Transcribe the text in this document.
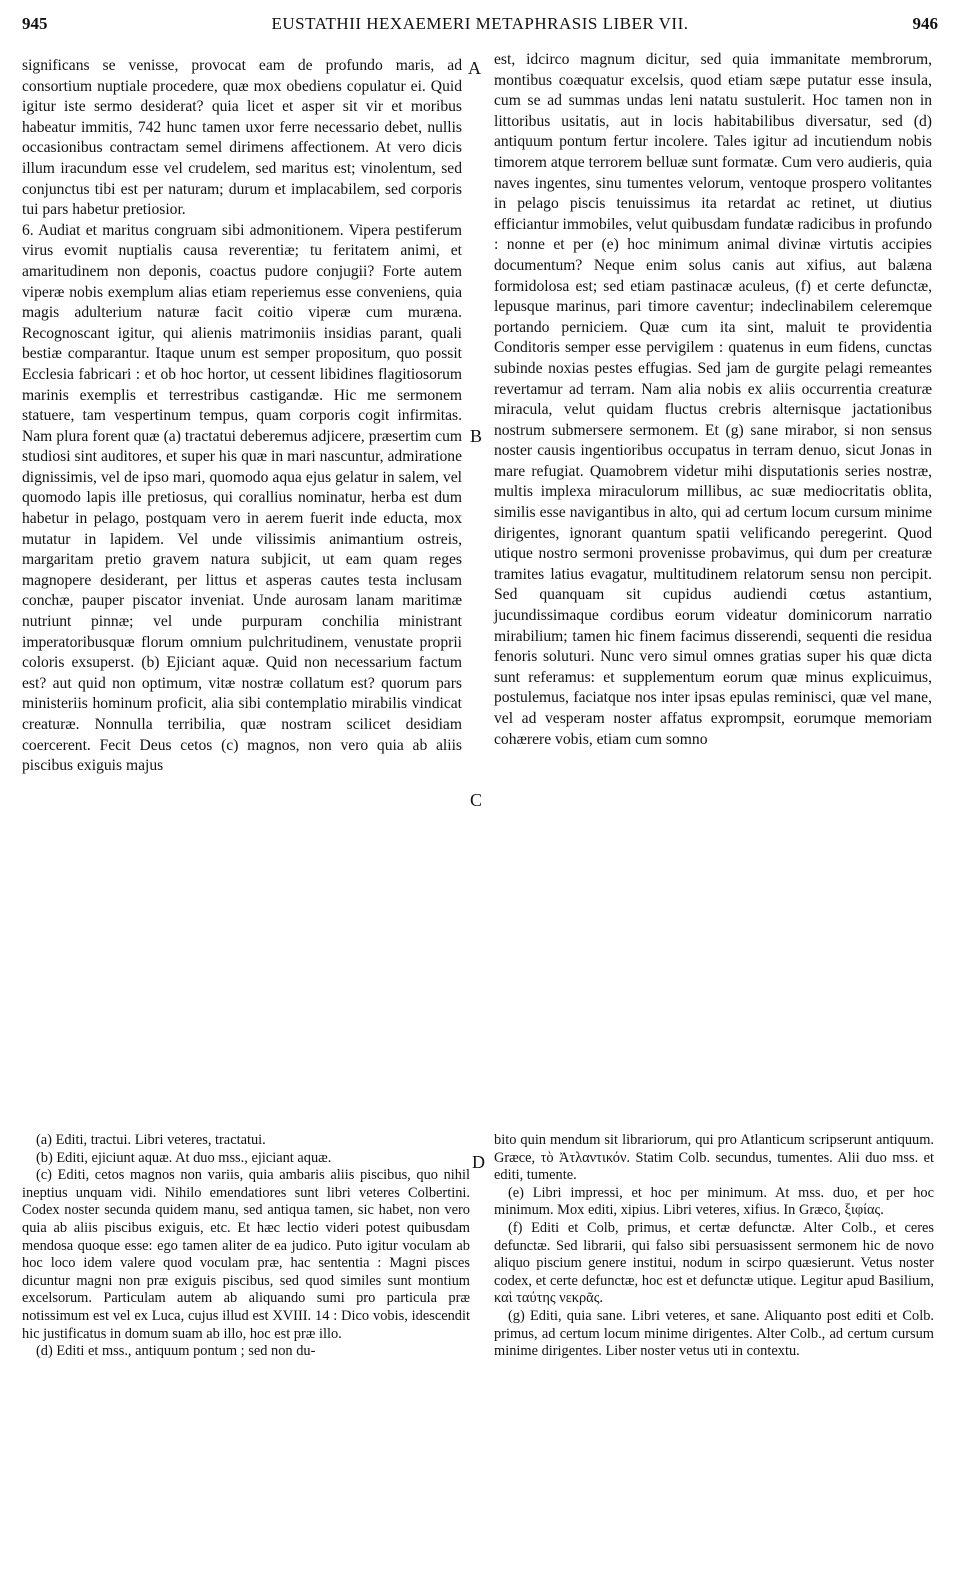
945	EUSTATHII HEXAEMERI METAPHRASIS LIBER VII.	946

significans se venisse, provocat eam de profundo maris, ad consortium nuptiale procedere, quæ mox obediens copulatur ei. Quid igitur iste sermo desiderat? quia licet et asper sit vir et moribus habeatur immitis, 742 hunc tamen uxor ferre necessario debet, nullis occasionibus contractam semel dirimens affectionem. At vero dicis illum iracundum esse vel crudelem, sed maritus est; vinolentum, sed conjunctus tibi est per naturam; durum et implacabilem, sed corporis tui pars habetur pretiosior.

6. Audiat et maritus congruam sibi admonitionem. Vipera pestiferum virus evomit nuptialis causa reverentiæ; tu feritatem animi, et amaritudinem non deponis, coactus pudore conjugii? Forte autem viperæ nobis exemplum alias etiam reperiemus esse conveniens, quia magis adulterium naturæ facit coitio viperæ cum muræna. Recognoscant igitur, qui alienis matrimoniis insidias parant, quali bestiæ comparantur. Itaque unum est semper propositum, quo possit Ecclesia fabricari : et ob hoc hortor, ut cessent libidines flagitiosorum marinis exemplis et terrestribus castigandæ. Hic me sermonem statuere, tam vespertinum tempus, quam corporis cogit infirmitas. Nam plura forent quæ (a) tractatui deberemus adjicere, præsertim cum studiosi sint auditores, et super his quæ in mari nascuntur, admiratione dignissimis, vel de ipso mari, quomodo aqua ejus gelatur in salem, vel quomodo lapis ille pretiosus, qui corallius nominatur, herba est dum habetur in pelago, postquam vero in aerem fuerit inde educta, mox mutatur in lapidem. Vel unde vilissimis animantium ostreis, margaritam pretio gravem natura subjicit, ut eam quam reges magnopere desiderant, per littus et asperas cautes testa inclusam conchæ, pauper piscator inveniat. Unde aurosam lanam maritimæ nutriunt pinnæ; vel unde purpuram conchilia ministrant imperatoribusquæ florum omnium pulchritudinem, venustate proprii coloris exsuperst. (b) Ejiciant aquæ. Quid non necessarium factum est? aut quid non optimum, vitæ nostræ collatum est? quorum pars ministeriis hominum proficit, alia sibi contemplatio mirabilis vindicat creaturæ. Nonnulla terribilia, quæ nostram scilicet desidiam coercerent. Fecit Deus cetos (c) magnos, non vero quia ab aliis piscibus exiguis majus

est, idcirco magnum dicitur, sed quia immanitate membrorum, montibus coæquatur excelsis, quod etiam sæpe putatur esse insula, cum se ad summas undas leni natatu sustulerit. Hoc tamen non in littoribus usitatis, aut in locis habitabilibus diversatur, sed (d) antiquum pontum fertur incolere. Tales igitur ad incutiendum nobis timorem atque terrorem belluæ sunt formatæ. Cum vero audieris, quia naves ingentes, sinu tumentes velorum, ventoque prospero volitantes in pelago piscis tenuissimus ita retardat ac retinet, ut diutius efficiantur immobiles, velut quibusdam fundatæ radicibus in profundo : nonne et per (e) hoc minimum animal divinæ virtutis accipies documentum? Neque enim solus canis aut xifius, aut balæna formidolosa est; sed etiam pastinacæ aculeus, (f) et certe defunctæ, lepusque marinus, pari timore caventur; indeclinabilem celeremque portando perniciem. Quæ cum ita sint, maluit te providentia Conditoris semper esse pervigilem : quatenus in eum fidens, cunctas subinde noxias pestes effugias. Sed jam de gurgite pelagi remeantes revertamur ad terram. Nam alia nobis ex aliis occurrentia creaturæ miracula, velut quidam fluctus crebris alternisque jactationibus nostrum submersere sermonem. Et (g) sane mirabor, si non sensus noster causis ingentioribus occupatus in terram denuo, sicut Jonas in mare refugiat. Quamobrem videtur mihi disputationis series nostræ, multis implexa miraculorum millibus, ac suæ mediocritatis oblita, similis esse navigantibus in alto, qui ad certum locum cursum minime dirigentes, ignorant quantum spatii velificando peregerint. Quod utique nostro sermoni provenisse probavimus, qui dum per creaturæ tramites latius evagatur, multitudinem relatorum sensu non percipit. Sed quanquam sit cupidus audiendi cœtus astantium, jucundissimaque cordibus eorum videatur dominicorum narratio mirabilium; tamen hic finem facimus disserendi, sequenti die residua fenoris soluturi. Nunc vero simul omnes gratias super his quæ dicta sunt referamus: et supplementum eorum quæ minus explicuimus, postulemus, faciatque nos inter ipsas epulas reminisci, quæ vel mane, vel ad vesperam noster affatus exprompsit, eorumque memoriam cohærere vobis, etiam cum somno

A
B
C
D

(a) Editi, tractui. Libri veteres, tractatui.

(b) Editi, ejiciunt aquæ. At duo mss., ejiciant aquæ.

(c) Editi, cetos magnos non variis, quia ambaris aliis piscibus, quo nihil ineptius unquam vidi. Nihilo emendatiores sunt libri veteres Colbertini. Codex noster secunda quidem manu, sed antiqua tamen, sic habet, non vero quia ab aliis piscibus exiguis, etc. Et hæc lectio videri potest quibusdam mendosa quoque esse: ego tamen aliter de ea judico. Puto igitur voculam ab hoc loco idem valere quod voculam præ, hac sententia : Magni pisces dicuntur magni non præ exiguis piscibus, sed quod similes sunt montium excelsorum. Particulam autem ab aliquando sumi pro particula præ notissimum est vel ex Luca, cujus illud est XVIII. 14 : Dico vobis, idescendit hic justificatus in domum suam ab illo, hoc est præ illo.

(d) Editi et mss., antiquum pontum ; sed non du-

bito quin mendum sit librariorum, qui pro Atlanticum scripserunt antiquum. Græce, τὸ Ἀτλαντικόν. Statim Colb. secundus, tumentes. Alii duo mss. et editi, tumente.

(e) Libri impressi, et hoc per minimum. At mss. duo, et per hoc minimum. Mox editi, xipius. Libri veteres, xifius. In Græco, ξιφίας.

(f) Editi et Colb, primus, et certæ defunctæ. Alter Colb., et ceres defunctæ. Sed librarii, qui falso sibi persuasissent sermonem hic de novo aliquo piscium genere institui, nodum in scirpo quæsierunt. Vetus noster codex, et certe defunctæ, hoc est et defunctæ utique. Legitur apud Basilium, καὶ ταύτης νεκρᾶς.

(g) Editi, quia sane. Libri veteres, et sane. Aliquanto post editi et Colb. primus, ad certum locum minime dirigentes. Alter Colb., ad certum cursum minime dirigentes. Liber noster vetus uti in contextu.
